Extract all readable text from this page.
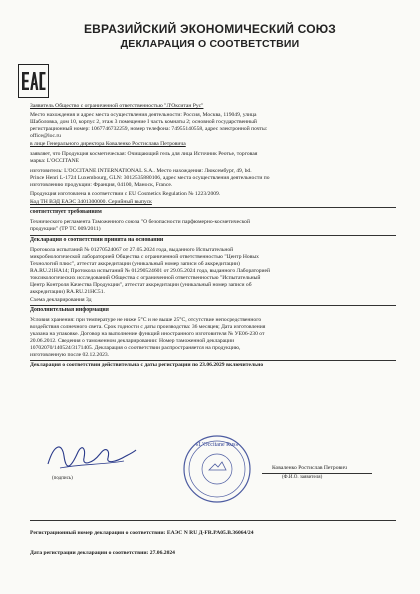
ЕВРАЗИЙСКИЙ ЭКОНОМИЧЕСКИЙ СОЮЗ
ДЕКЛАРАЦИЯ О СООТВЕТСТВИИ
Заявитель Общество с ограниченной ответственностью "Л'Окситан Рус"
Место нахождения и адрес места осуществления деятельности: Россия, Москва, 119049, улица
Шаболовка, дом 10, корпус 2, этаж 3 помещение I часть комнаты 2; основной государственный
регистрационный номер: 1067746732259, номер телефона: 74955140558, адрес электронной почты:
office@loc.ru
в лице Генерального директора Коваленко Ростислава Петровича
заявляет, что Продукция косметическая: Очищающий гель для лица Источник Реотье, торговая
марка: L'OCCITANE
изготовитель: L'OCCITANE INTERNATIONAL S.A.. Место нахождения: Люксембург, 49, bd.
Prince Henri L-1724 Luxembourg, GLN: 3012535880106, адрес места осуществления деятельности по
изготовлению продукции: Франция, 04100, Маноск, France.
Продукция изготовлена в соответствии с EU Cosmetics Regulation № 1223/2009.
Код ТН ВЭД ЕАЭС 3401300000. Серийный выпуск
соответствует требованиям
Технического регламента Таможенного союза "О безопасности парфюмерно-косметической
продукции" (ТР ТС 009/2011)
Декларация о соответствии принята на основании
Протокола испытаний № 01270524067 от 27.05.2024 года, выданного Испытательной
микробиологической лабораторией Общества с ограниченной ответственностью "Центр Новых
Технологий плюс", аттестат аккредитации (уникальный номер записи об аккредитации)
RA.RU.21HA14; Протокола испытаний № 01290524601 от 29.05.2024 года, выданного Лабораторией
токсикологических исследований Общества с ограниченной ответственностью "Испытательный
Центр Контроля Качества Продукции", аттестат аккредитации (уникальный номер записи об
аккредитации) RA.RU.21HC51.
Схема декларирования 3д
Дополнительная информация
Условия хранения: при температуре не ниже 5°С и не выше 25°С, отсутствие непосредственного
воздействия солнечного света. Срок годности с даты производства: 36 месяцев; Дата изготовления
указана на упаковке. Договор на выполнение функций иностранного изготовителя № УЕ06-230 от
20.06.2012. Сведения о таможенном декларировании: Номер таможенной декларации
10702070/140524/3171405. Декларация о соответствии распространяется на продукцию,
изготовленную после 02.12.2023.
Декларация о соответствии действительна с даты регистрации по 23.06.2029 включительно
«L'Occitane Rus»
(подпись)
Коваленко Ростислав Петрович
(Ф.И.О. заявителя)
Регистрационный номер декларации о соответствии: ЕАЭС N RU Д-FR.PA05.B.36064/24
Дата регистрации декларации о соответствии: 27.06.2024
